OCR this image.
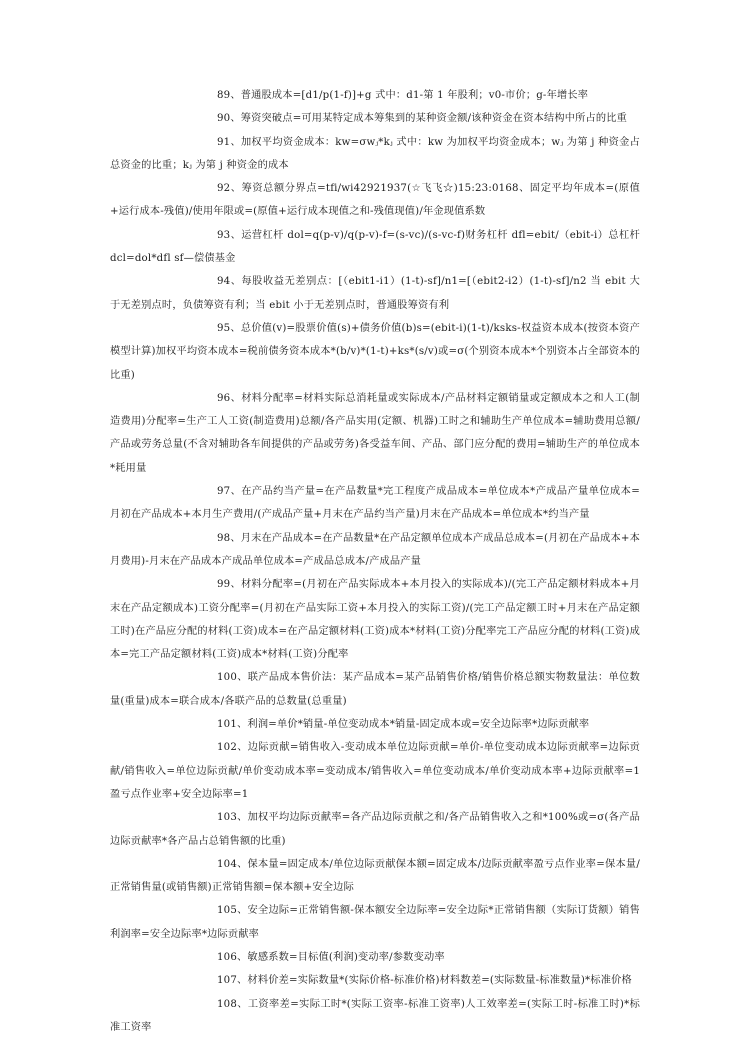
89、普通股成本=[d1/p(1-f)]+g 式中：d1-第 1 年股利；v0-市价；g-年增长率

90、筹资突破点=可用某特定成本筹集到的某种资金额/该种资金在资本结构中所占的比重

91、加权平均资金成本：kw=σwⱼ*kⱼ 式中：kw 为加权平均资金成本；wⱼ 为第 j 种资金占总资金的比重；kⱼ 为第 j 种资金的成本

92、筹资总额分界点=tfi/wi42921937(☆飞飞☆)15:23:0168、固定平均年成本=(原值+运行成本-残值)/使用年限或=(原值+运行成本现值之和-残值现值)/年金现值系数

93、运营杠杆 dol=q(p-v)/q(p-v)-f=(s-vc)/(s-vc-f)财务杠杆 dfl=ebit/（ebit-i）总杠杆 dcl=dol*dfl sf—偿债基金

94、每股收益无差别点：[（ebit1-i1）(1-t)-sf]/n1=[（ebit2-i2）(1-t)-sf]/n2 当 ebit 大于无差别点时，负债筹资有利；当 ebit 小于无差别点时，普通股筹资有利

95、总价值(v)=股票价值(s)+债务价值(b)s=(ebit-i)(1-t)/ksks-权益资本成本(按资本资产模型计算)加权平均资本成本=税前债务资本成本*(b/v)*(1-t)+ks*(s/v)或=σ(个别资本成本*个别资本占全部资本的比重)

96、材料分配率=材料实际总消耗量或实际成本/产品材料定额销量或定额成本之和人工(制造费用)分配率=生产工人工资(制造费用)总额/各产品实用(定额、机器)工时之和辅助生产单位成本=辅助费用总额/产品或劳务总量(不含对辅助各车间提供的产品或劳务)各受益车间、产品、部门应分配的费用=辅助生产的单位成本*耗用量

97、在产品约当产量=在产品数量*完工程度产成品成本=单位成本*产成品产量单位成本=月初在产品成本+本月生产费用/(产成品产量+月末在产品约当产量)月末在产品成本=单位成本*约当产量

98、月末在产品成本=在产品数量*在产品定额单位成本产成品总成本=(月初在产品成本+本月费用)-月末在产品成本产成品单位成本=产成品总成本/产成品产量

99、材料分配率=(月初在产品实际成本+本月投入的实际成本)/(完工产品定额材料成本+月末在产品定额成本)工资分配率=(月初在产品实际工资+本月投入的实际工资)/(完工产品定额工时+月末在产品定额工时)在产品应分配的材料(工资)成本=在产品定额材料(工资)成本*材料(工资)分配率完工产品应分配的材料(工资)成本=完工产品定额材料(工资)成本*材料(工资)分配率

100、联产品成本售价法：某产品成本=某产品销售价格/销售价格总额实物数量法：单位数量(重量)成本=联合成本/各联产品的总数量(总重量)

101、利润=单价*销量-单位变动成本*销量-固定成本或=安全边际率*边际贡献率

102、边际贡献=销售收入-变动成本单位边际贡献=单价-单位变动成本边际贡献率=边际贡献/销售收入=单位边际贡献/单价变动成本率=变动成本/销售收入=单位变动成本/单价变动成本率+边际贡献率=1 盈亏点作业率+安全边际率=1

103、加权平均边际贡献率=各产品边际贡献之和/各产品销售收入之和*100%或=σ(各产品边际贡献率*各产品占总销售额的比重)

104、保本量=固定成本/单位边际贡献保本额=固定成本/边际贡献率盈亏点作业率=保本量/正常销售量(或销售额)正常销售额=保本额+安全边际

105、安全边际=正常销售额-保本额安全边际率=安全边际*正常销售额（实际订货额）销售利润率=安全边际率*边际贡献率

106、敏感系数=目标值(利润)变动率/参数变动率

107、材料价差=实际数量*(实际价格-标准价格)材料数差=(实际数量-标准数量)*标准价格

108、工资率差=实际工时*(实际工资率-标准工资率)人工效率差=(实际工时-标准工时)*标准工资率
